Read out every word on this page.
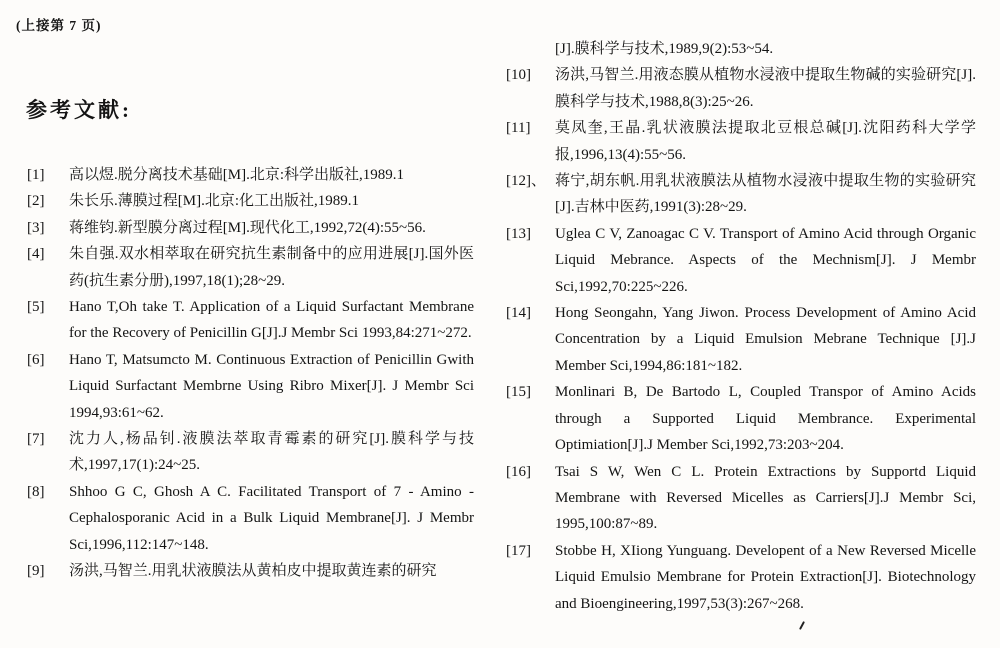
(上接第 7 页)
参考文献:
[1]	高以煜.脱分离技术基础[M].北京:科学出版社,1989.1
[2]	朱长乐.薄膜过程[M].北京:化工出版社,1989.1
[3]	蒋维钧.新型膜分离过程[M].现代化工,1992,72(4):55~56.
[4]	朱自强.双水相萃取在研究抗生素制备中的应用进展[J].国外医药(抗生素分册),1997,18(1);28~29.
[5]	Hano T,Oh take T. Application of a Liquid Surfactant Membrane for the Recovery of Penicillin G[J].J Membr Sci 1993,84:271~272.
[6]	Hano T, Matsumcto M. Continuous Extraction of Penicillin Gwith Liquid Surfactant Membrne Using Ribro Mixer[J]. J Membr Sci 1994,93:61~62.
[7]	沈力人,杨品钊.液膜法萃取青霉素的研究[J].膜科学与技术,1997,17(1):24~25.
[8]	Shhoo G C, Ghosh A C. Facilitated Transport of 7 - Amino - Cephalosporanic Acid in a Bulk Liquid Membrane[J]. J Membr Sci,1996,112:147~148.
[9]	汤洪,马智兰.用乳状液膜法从黄柏皮中提取黄连素的研究
[J].膜科学与技术,1989,9(2):53~54.
[10]	汤洪,马智兰.用液态膜从植物水浸液中提取生物碱的实验研究[J].膜科学与技术,1988,8(3):25~26.
[11]	莫凤奎,王晶.乳状液膜法提取北豆根总碱[J].沈阳药科大学学报,1996,13(4):55~56.
[12]、 蒋宁,胡东帆.用乳状液膜法从植物水浸液中提取生物的实验研究[J].吉林中医药,1991(3):28~29.
[13]	Uglea C V, Zanoagac C V. Transport of Amino Acid through Organic Liquid Mebrance. Aspects of the Mechnism[J]. J Membr Sci,1992,70:225~226.
[14]	Hong Seongahn, Yang Jiwon. Process Development of Amino Acid Concentration by a Liquid Emulsion Mebrane Technique [J].J Member Sci,1994,86:181~182.
[15]	Monlinari B, De Bartodo L, Coupled Transpor of Amino Acids through a Supported Liquid Membrance. Experimental Optimiation[J].J Member Sci,1992,73:203~204.
[16]	Tsai S W, Wen C L. Protein Extractions by Supportd Liquid Membrane with Reversed Micelles as Carriers[J].J Membr Sci, 1995,100:87~89.
[17]	Stobbe H, XIiong Yunguang. Developent of a New Reversed Micelle Liquid Emulsio Membrane for Protein Extraction[J]. Biotechnology and Bioengineering,1997,53(3):267~268.
